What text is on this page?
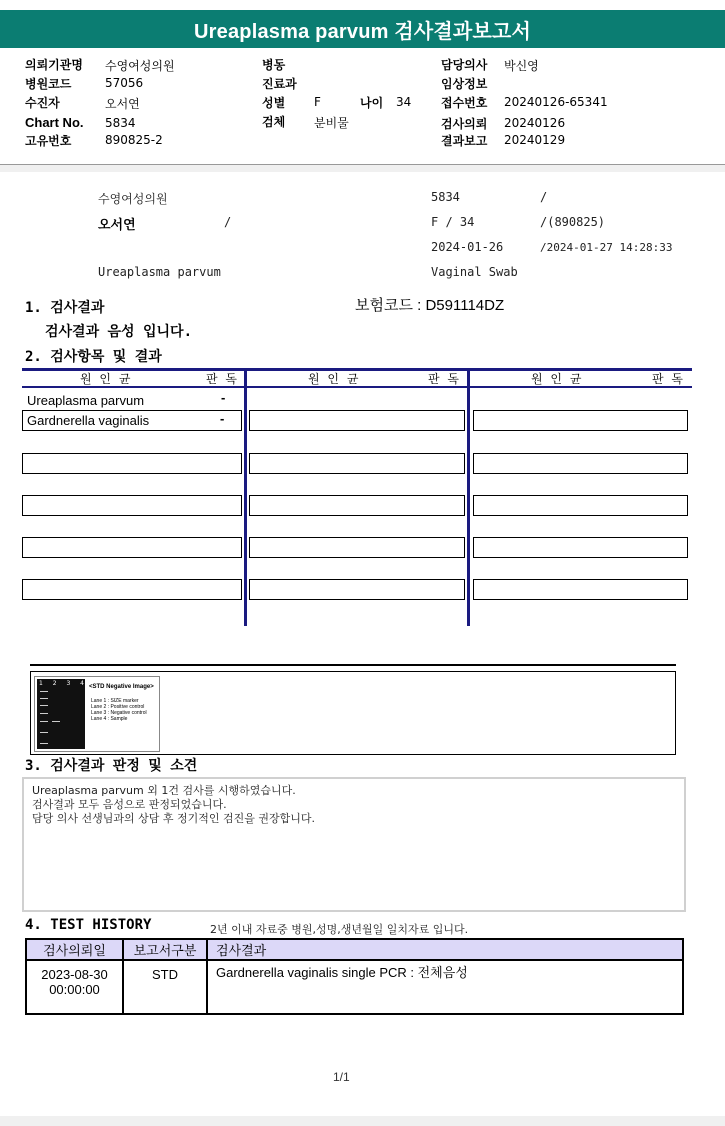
Ureaplasma parvum 검사결과보고서
의뢰기관명 수영여성의원
병원코드	57056
수진자	오서연
Chart No. 5834
고유번호	890825-2
병동
진료과
성별 F	나이 34
검체 분비물
담당의사 박신영
임상정보
접수번호 20240126-65341
검사의뢰 20240126
결과보고 20240129
수영여성의원
오서연	/
5834	/
F / 34	/(890825)
2024-01-26	/2024-01-27 14:28:33
Ureaplasma parvum	Vaginal Swab
1. 검사결과	보험코드 : D591114DZ
검사결과 음성 입니다.
2. 검사항목 및 결과
원 인 균	판 독	원 인 균	판 독	원 인 균	판 독
Ureaplasma parvum	-
Gardnerella vaginalis	-
1 2 3 4 <STD Negative Image>
Lane 1 : SIZE marker
Lane 2 : Positive control
Lane 3 : Negative control
Lane 4 : Sample
3. 검사결과 판정 및 소견
Ureaplasma parvum 외 1건 검사를 시행하였습니다.
검사결과 모두 음성으로 판정되었습니다.
담당 의사 선생님과의 상담 후 정기적인 검진을 권장합니다.
4. TEST HISTORY	2년 이내 자료중 병원,성명,생년월일 일치자료 입니다.
검사의뢰일	보고서구분	검사결과

2023-08-30
00:00:00	STD	Gardnerella vaginalis single PCR : 전체음성
1/1
